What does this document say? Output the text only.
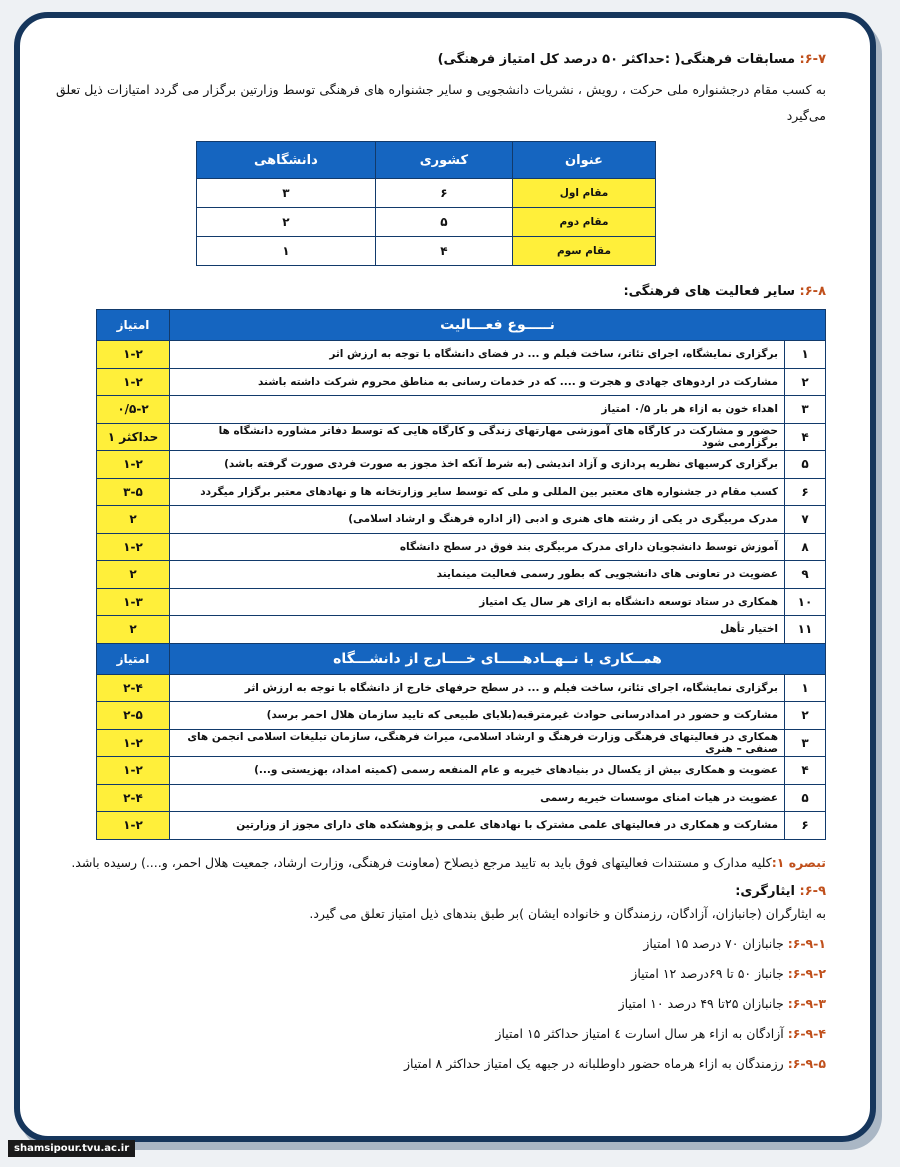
۶-۷: مسابقات فرهنگی( :حداکثر ۵۰ درصد کل امتیاز فرهنگی)

به کسب مقام درجشنواره ملی حرکت ، رویش ، نشریات دانشجویی و سایر جشنواره های فرهنگی توسط وزارتین برگزار می گردد امتیازات ذیل تعلق می‌گیرد

عنوان	کشوری	دانشگاهی
مقام اول	۶	۳
مقام دوم	۵	۲
مقام سوم	۴	۱

۶-۸: سایر فعالیت های فرهنگی:

نـــــوع فعـــالیت		امتیاز
۱	برگزاری نمایشگاه، اجرای تئاتر، ساخت فیلم و ... در فضای دانشگاه با توجه به ارزش اثر	۱-۲
۲	مشارکت در اردوهای جهادی و هجرت و .... که در خدمات رسانی به مناطق محروم شرکت داشته باشند	۱-۲
۳	اهداء خون به ازاء هر بار ۰/۵ امتیاز	۰/۵-۲
۴	حضور و مشارکت در کارگاه های آموزشی مهارتهای زندگی و کارگاه هایی که توسط دفاتر مشاوره دانشگاه ها برگزارمی شود	حداکثر ۱
۵	برگزاری کرسیهای نظریه پردازی و آزاد اندیشی (به شرط آنکه اخذ مجوز به صورت فردی صورت گرفته باشد)	۱-۲
۶	کسب مقام در جشنواره های معتبر بین المللی و ملی که توسط سایر وزارتخانه ها و نهادهای معتبر برگزار میگردد	۳-۵
۷	مدرک مربیگری در یکی از رشته های هنری و ادبی (از اداره فرهنگ و ارشاد اسلامی)	۲
۸	آموزش توسط دانشجویان دارای مدرک مربیگری بند فوق در سطح دانشگاه	۱-۲
۹	عضویت در تعاونی های دانشجویی که بطور رسمی فعالیت مینمایند	۲
۱۰	همکاری در ستاد توسعه دانشگاه به ازای هر سال یک امتیاز	۱-۳
۱۱	اختیار تأهل	۲
همــکاری با نــهــادهـــــای خــــارج از دانشـــگاه		امتیاز
۱	برگزاری نمایشگاه، اجرای تئاتر، ساخت فیلم و ... در سطح حرفهای خارج از دانشگاه با توجه به ارزش اثر	۲-۴
۲	مشارکت و حضور در امدادرسانی حوادث غیرمترقبه(بلایای طبیعی که تایید سازمان هلال احمر برسد)	۲-۵
۳	همکاری در فعالیتهای فرهنگی وزارت فرهنگ و ارشاد اسلامی، میراث فرهنگی، سازمان تبلیغات اسلامی انجمن های صنفی – هنری	۱-۲
۴	عضویت و همکاری بیش از یکسال در بنیادهای خیریه و عام المنفعه رسمی (کمیته امداد، بهزیستی و...)	۱-۲
۵	عضویت در هیات امنای موسسات خیریه رسمی	۲-۴
۶	مشارکت و همکاری در فعالیتهای علمی مشترک با نهادهای علمی و پژوهشکده های دارای مجوز از وزارتین	۱-۲

تبصره ۱:کلیه مدارک و مستندات فعالیتهای فوق باید به تایید مرجع ذیصلاح (معاونت فرهنگی، وزارت ارشاد، جمعیت هلال احمر، و....) رسیده باشد.

۶-۹: ایثارگری:

به ایثارگران (جانبازان، آزادگان، رزمندگان و خانواده ایشان )بر طبق بندهای ذیل امتیاز تعلق می گیرد.

۶-۹-۱:جانبازان ۷۰ درصد ۱۵ امتیاز

۶-۹-۲:جانباز ۵۰ تا ۶۹درصد ۱۲ امتیاز

۶-۹-۳:جانبازان ۲۵تا ۴۹ درصد ۱۰ امتیاز

۶-۹-۴:آزادگان به ازاء هر سال اسارت ٤ امتیاز حداکثر ۱۵ امتیاز

۶-۹-۵:رزمندگان به ازاء هرماه حضور داوطلبانه در جبهه یک امتیاز حداکثر ۸ امتیاز

shamsipour.tvu.ac.ir
